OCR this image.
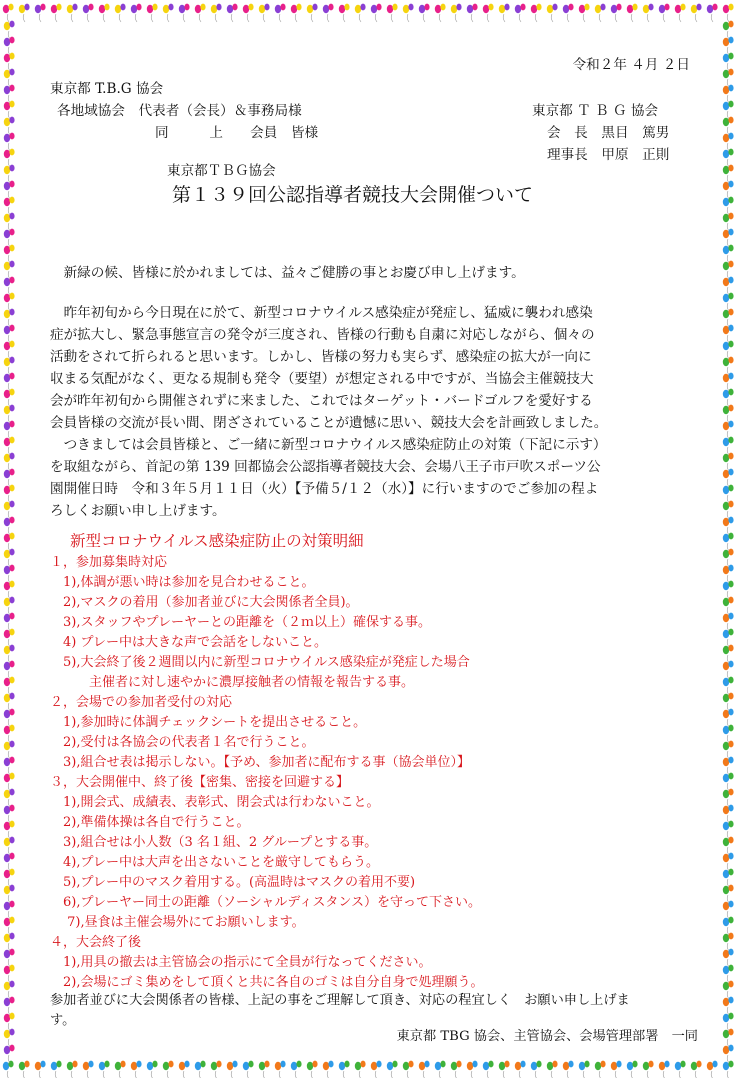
令和２年 ４月 ２日
東京都 T.B.G 協会
各地域協会　代表者（会長）＆事務局様
同　　　上　　会員　皆様
東京都 Ｔ Ｂ Ｇ 協会
会　長　黒目　篤男
理事長　甲原　正則
東京都ＴＢＧ協会
第１３９回公認指導者競技大会開催ついて

新緑の候、皆様に於かれましては、益々ご健勝の事とお慶び申し上げます。

昨年初旬から今日現在に於て、新型コロナウイルス感染症が発症し、猛威に襲われ感染

症が拡大し、緊急事態宣言の発令が三度され、皆様の行動も自粛に対応しながら、個々の

活動をされて折られると思います。しかし、皆様の努力も実らず、感染症の拡大が一向に

収まる気配がなく、更なる規制も発令（要望）が想定される中ですが、当協会主催競技大

会が昨年初旬から開催されずに来ました、これではターゲット・バードゴルフを愛好する

会員皆様の交流が長い間、閉ざされていることが遺憾に思い、競技大会を計画致しました。

つきましては会員皆様と、ご一緒に新型コロナウイルス感染症防止の対策（下記に示す）

を取組ながら、首記の第 139 回都協会公認指導者競技大会、会場八王子市戸吹スポーツ公

園開催日時　令和３年５月１１日（火）【予備５/１２（水）】に行いますのでご参加の程よ

ろしくお願い申し上げます。

新型コロナウイルス感染症防止の対策明細
１，参加募集時対応
　1),体調が悪い時は参加を見合わせること。
　2),マスクの着用（参加者並びに大会関係者全員)。
　3),スタッフやプレーヤーとの距離を（２ｍ以上）確保する事。
　4) プレー中は大きな声で会話をしないこと。
　5),大会終了後２週間以内に新型コロナウイルス感染症が発症した場合
　　　主催者に対し速やかに濃厚接触者の情報を報告する事。
２，会場での参加者受付の対応
　1),参加時に体調チェックシートを提出させること。
　2),受付は各協会の代表者１名で行うこと。
　3),組合せ表は掲示しない。【予め、参加者に配布する事（協会単位）】
３，大会開催中、終了後【密集、密接を回避する】
　1),開会式、成績表、表彰式、閉会式は行わないこと。
　2),準備体操は各自で行うこと。
　3),組合せは小人数（3 名１組、2 グループとする事。
　4),プレー中は大声を出さないことを厳守してもらう。
　5),プレー中のマスク着用する。(高温時はマスクの着用不要)
　6),プレーヤー同士の距離（ソーシャルディスタンス）を守って下さい。
　 7),昼食は主催会場外にてお願いします。
４，大会終了後
　1),用具の撤去は主管協会の指示にて全員が行なってください。
　2),会場にゴミ集めをして頂くと共に各自のゴミは自分自身で処理願う。
参加者並びに大会関係者の皆様、上記の事をご理解して頂き、対応の程宜しく　お願い申し上げま
す。
東京都 TBG 協会、主管協会、会場管理部署　一同
